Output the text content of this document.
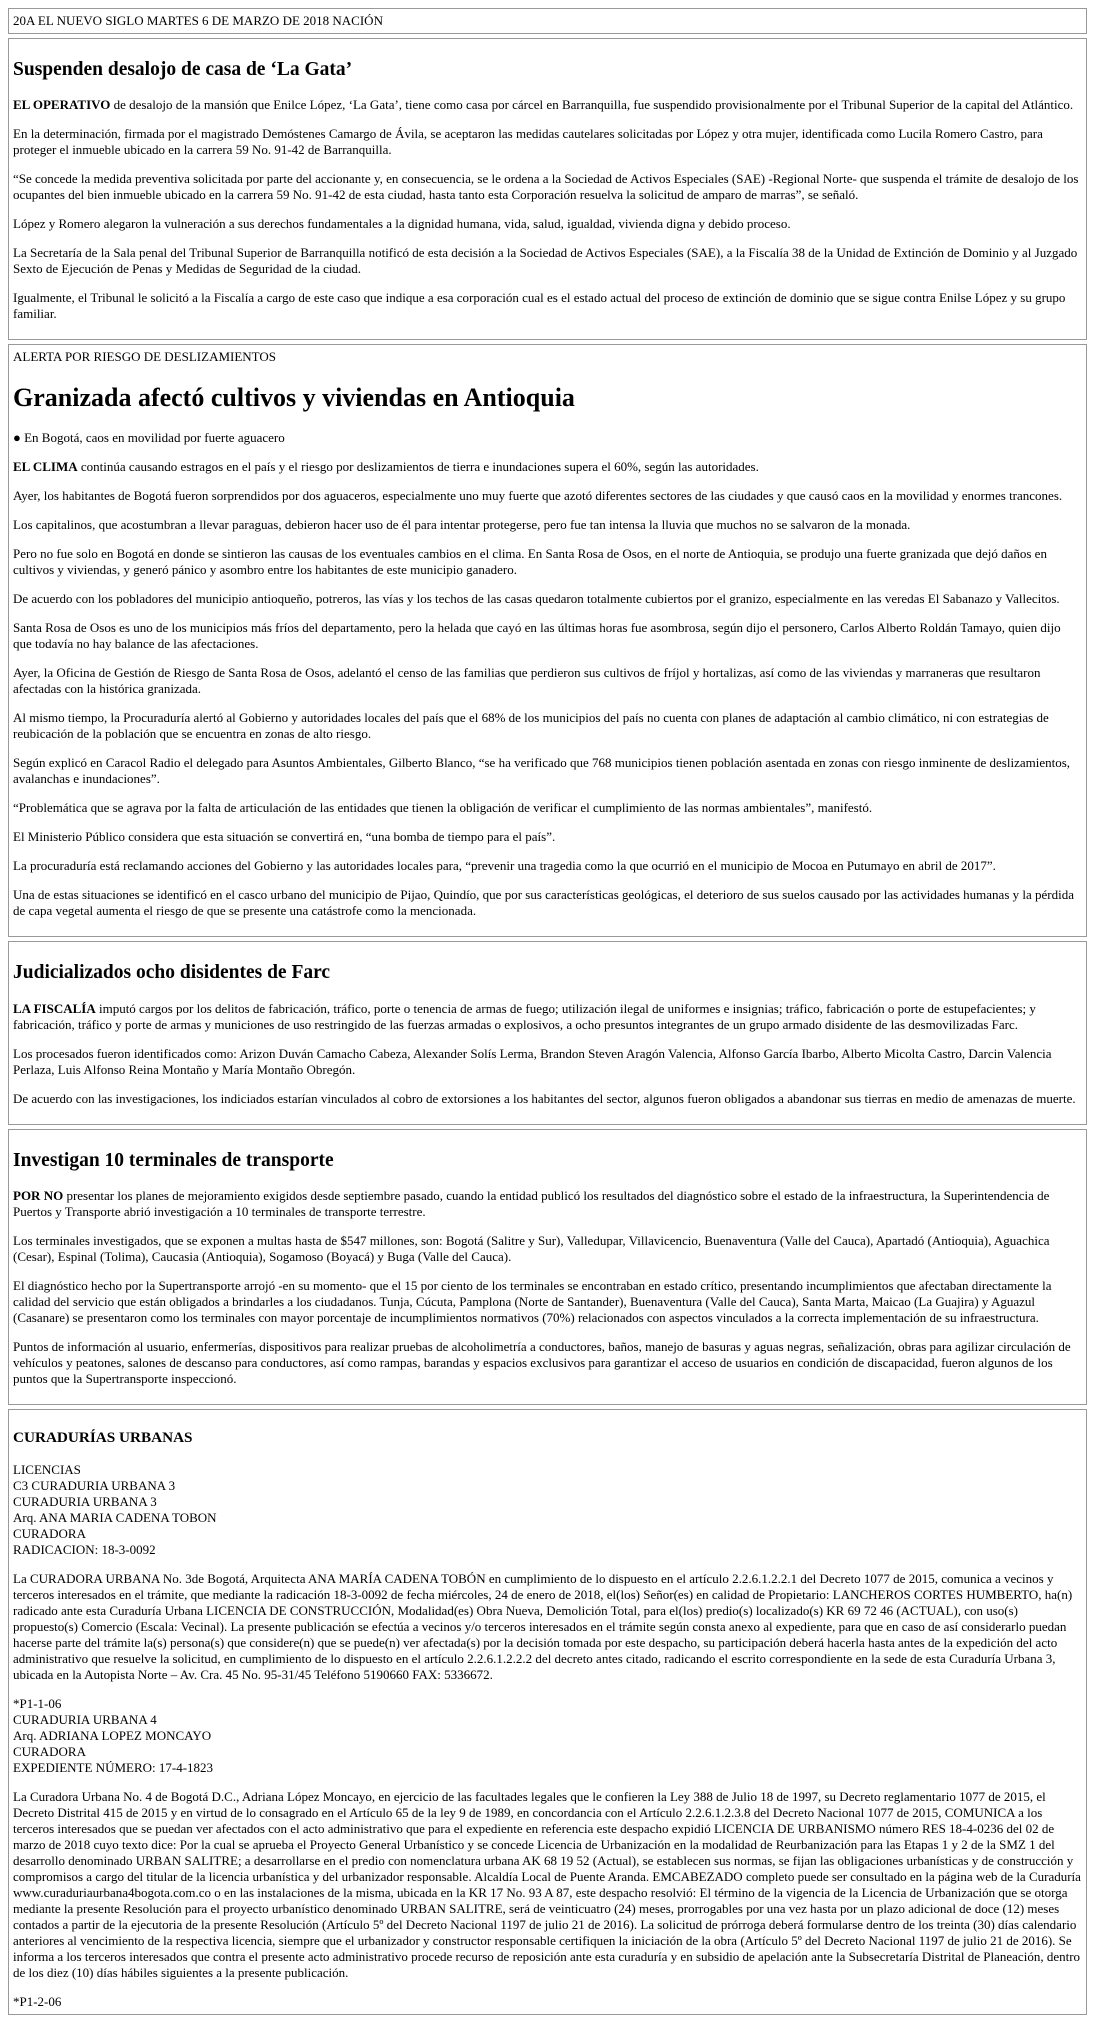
20A EL NUEVO SIGLO MARTES 6 DE MARZO DE 2018 NACIÓN
Suspenden desalojo de casa de ‘La Gata’

EL OPERATIVO de desalojo de la mansión que Enilce López, ‘La Gata’, tiene como casa por cárcel en Barranquilla, fue suspendido provisionalmente por el Tribunal Superior de la capital del Atlántico.

En la determinación, firmada por el magistrado Demóstenes Camargo de Ávila, se aceptaron las medidas cautelares solicitadas por López y otra mujer, identificada como Lucila Romero Castro, para proteger el inmueble ubicado en la carrera 59 No. 91-42 de Barranquilla.

“Se concede la medida preventiva solicitada por parte del accionante y, en consecuencia, se le ordena a la Sociedad de Activos Especiales (SAE) -Regional Norte- que suspenda el trámite de desalojo de los ocupantes del bien inmueble ubicado en la carrera 59 No. 91-42 de esta ciudad, hasta tanto esta Corporación resuelva la solicitud de amparo de marras”, se señaló.

López y Romero alegaron la vulneración a sus derechos fundamentales a la dignidad humana, vida, salud, igualdad, vivienda digna y debido proceso.

La Secretaría de la Sala penal del Tribunal Superior de Barranquilla notificó de esta decisión a la Sociedad de Activos Especiales (SAE), a la Fiscalía 38 de la Unidad de Extinción de Dominio y al Juzgado Sexto de Ejecución de Penas y Medidas de Seguridad de la ciudad.

Igualmente, el Tribunal le solicitó a la Fiscalía a cargo de este caso que indique a esa corporación cual es el estado actual del proceso de extinción de dominio que se sigue contra Enilse López y su grupo familiar.

ALERTA POR RIESGO DE DESLIZAMIENTOS
Granizada afectó cultivos y viviendas en Antioquia
● En Bogotá, caos en movilidad por fuerte aguacero

EL CLIMA continúa causando estragos en el país y el riesgo por deslizamientos de tierra e inundaciones supera el 60%, según las autoridades.

Ayer, los habitantes de Bogotá fueron sorprendidos por dos aguaceros, especialmente uno muy fuerte que azotó diferentes sectores de las ciudades y que causó caos en la movilidad y enormes trancones.

Los capitalinos, que acostumbran a llevar paraguas, debieron hacer uso de él para intentar protegerse, pero fue tan intensa la lluvia que muchos no se salvaron de la monada.

Pero no fue solo en Bogotá en donde se sintieron las causas de los eventuales cambios en el clima. En Santa Rosa de Osos, en el norte de Antioquia, se produjo una fuerte granizada que dejó daños en cultivos y viviendas, y generó pánico y asombro entre los habitantes de este municipio ganadero.

De acuerdo con los pobladores del municipio antioqueño, potreros, las vías y los techos de las casas quedaron totalmente cubiertos por el granizo, especialmente en las veredas El Sabanazo y Vallecitos.

Santa Rosa de Osos es uno de los municipios más fríos del departamento, pero la helada que cayó en las últimas horas fue asombrosa, según dijo el personero, Carlos Alberto Roldán Tamayo, quien dijo que todavía no hay balance de las afectaciones.

Ayer, la Oficina de Gestión de Riesgo de Santa Rosa de Osos, adelantó el censo de las familias que perdieron sus cultivos de fríjol y hortalizas, así como de las viviendas y marraneras que resultaron afectadas con la histórica granizada.

Al mismo tiempo, la Procuraduría alertó al Gobierno y autoridades locales del país que el 68% de los municipios del país no cuenta con planes de adaptación al cambio climático, ni con estrategias de reubicación de la población que se encuentra en zonas de alto riesgo.

Según explicó en Caracol Radio el delegado para Asuntos Ambientales, Gilberto Blanco, “se ha verificado que 768 municipios tienen población asentada en zonas con riesgo inminente de deslizamientos, avalanchas e inundaciones”.

“Problemática que se agrava por la falta de articulación de las entidades que tienen la obligación de verificar el cumplimiento de las normas ambientales”, manifestó.

El Ministerio Público considera que esta situación se convertirá en, “una bomba de tiempo para el país”.

La procuraduría está reclamando acciones del Gobierno y las autoridades locales para, “prevenir una tragedia como la que ocurrió en el municipio de Mocoa en Putumayo en abril de 2017”.

Una de estas situaciones se identificó en el casco urbano del municipio de Pijao, Quindío, que por sus características geológicas, el deterioro de sus suelos causado por las actividades humanas y la pérdida de capa vegetal aumenta el riesgo de que se presente una catástrofe como la mencionada.

Judicializados ocho disidentes de Farc

LA FISCALÍA imputó cargos por los delitos de fabricación, tráfico, porte o tenencia de armas de fuego; utilización ilegal de uniformes e insignias; tráfico, fabricación o porte de estupefacientes; y fabricación, tráfico y porte de armas y municiones de uso restringido de las fuerzas armadas o explosivos, a ocho presuntos integrantes de un grupo armado disidente de las desmovilizadas Farc.

Los procesados fueron identificados como: Arizon Duván Camacho Cabeza, Alexander Solís Lerma, Brandon Steven Aragón Valencia, Alfonso García Ibarbo, Alberto Micolta Castro, Darcin Valencia Perlaza, Luis Alfonso Reina Montaño y María Montaño Obregón.

De acuerdo con las investigaciones, los indiciados estarían vinculados al cobro de extorsiones a los habitantes del sector, algunos fueron obligados a abandonar sus tierras en medio de amenazas de muerte.

Investigan 10 terminales de transporte

POR NO presentar los planes de mejoramiento exigidos desde septiembre pasado, cuando la entidad publicó los resultados del diagnóstico sobre el estado de la infraestructura, la Superintendencia de Puertos y Transporte abrió investigación a 10 terminales de transporte terrestre.

Los terminales investigados, que se exponen a multas hasta de $547 millones, son: Bogotá (Salitre y Sur), Valledupar, Villavicencio, Buenaventura (Valle del Cauca), Apartadó (Antioquia), Aguachica (Cesar), Espinal (Tolima), Caucasia (Antioquia), Sogamoso (Boyacá) y Buga (Valle del Cauca).

El diagnóstico hecho por la Supertransporte arrojó -en su momento- que el 15 por ciento de los terminales se encontraban en estado crítico, presentando incumplimientos que afectaban directamente la calidad del servicio que están obligados a brindarles a los ciudadanos. Tunja, Cúcuta, Pamplona (Norte de Santander), Buenaventura (Valle del Cauca), Santa Marta, Maicao (La Guajira) y Aguazul (Casanare) se presentaron como los terminales con mayor porcentaje de incumplimientos normativos (70%) relacionados con aspectos vinculados a la correcta implementación de su infraestructura.

Puntos de información al usuario, enfermerías, dispositivos para realizar pruebas de alcoholimetría a conductores, baños, manejo de basuras y aguas negras, señalización, obras para agilizar circulación de vehículos y peatones, salones de descanso para conductores, así como rampas, barandas y espacios exclusivos para garantizar el acceso de usuarios en condición de discapacidad, fueron algunos de los puntos que la Supertransporte inspeccionó.

CURADURÍAS URBANAS
LICENCIAS
C3 CURADURIA URBANA 3
CURADURIA URBANA 3
Arq. ANA MARIA CADENA TOBON
CURADORA
RADICACION: 18-3-0092

La CURADORA URBANA No. 3de Bogotá, Arquitecta ANA MARÍA CADENA TOBÓN en cumplimiento de lo dispuesto en el artículo 2.2.6.1.2.2.1 del Decreto 1077 de 2015, comunica a vecinos y terceros interesados en el trámite, que mediante la radicación 18-3-0092 de fecha miércoles, 24 de enero de 2018, el(los) Señor(es) en calidad de Propietario: LANCHEROS CORTES HUMBERTO, ha(n) radicado ante esta Curaduría Urbana LICENCIA DE CONSTRUCCIÓN, Modalidad(es) Obra Nueva, Demolición Total, para el(los) predio(s) localizado(s) KR 69 72 46 (ACTUAL), con uso(s) propuesto(s) Comercio (Escala: Vecinal). La presente publicación se efectúa a vecinos y/o terceros interesados en el trámite según consta anexo al expediente, para que en caso de así considerarlo puedan hacerse parte del trámite la(s) persona(s) que considere(n) que se puede(n) ver afectada(s) por la decisión tomada por este despacho, su participación deberá hacerla hasta antes de la expedición del acto administrativo que resuelve la solicitud, en cumplimiento de lo dispuesto en el artículo 2.2.6.1.2.2.2 del decreto antes citado, radicando el escrito correspondiente en la sede de esta Curaduría Urbana 3, ubicada en la Autopista Norte – Av. Cra. 45 No. 95-31/45 Teléfono 5190660 FAX: 5336672.

*P1-1-06
CURADURIA URBANA 4
Arq. ADRIANA LOPEZ MONCAYO
CURADORA
EXPEDIENTE NÚMERO: 17-4-1823

La Curadora Urbana No. 4 de Bogotá D.C., Adriana López Moncayo, en ejercicio de las facultades legales que le confieren la Ley 388 de Julio 18 de 1997, su Decreto reglamentario 1077 de 2015, el Decreto Distrital 415 de 2015 y en virtud de lo consagrado en el Artículo 65 de la ley 9 de 1989, en concordancia con el Artículo 2.2.6.1.2.3.8 del Decreto Nacional 1077 de 2015, COMUNICA a los terceros interesados que se puedan ver afectados con el acto administrativo que para el expediente en referencia este despacho expidió LICENCIA DE URBANISMO número RES 18-4-0236 del 02 de marzo de 2018 cuyo texto dice: Por la cual se aprueba el Proyecto General Urbanístico y se concede Licencia de Urbanización en la modalidad de Reurbanización para las Etapas 1 y 2 de la SMZ 1 del desarrollo denominado URBAN SALITRE; a desarrollarse en el predio con nomenclatura urbana AK 68 19 52 (Actual), se establecen sus normas, se fijan las obligaciones urbanísticas y de construcción y compromisos a cargo del titular de la licencia urbanística y del urbanizador responsable. Alcaldía Local de Puente Aranda. EMCABEZADO completo puede ser consultado en la página web de la Curaduría www.curaduriaurbana4bogota.com.co o en las instalaciones de la misma, ubicada en la KR 17 No. 93 A 87, este despacho resolvió: El término de la vigencia de la Licencia de Urbanización que se otorga mediante la presente Resolución para el proyecto urbanístico denominado URBAN SALITRE, será de veinticuatro (24) meses, prorrogables por una vez hasta por un plazo adicional de doce (12) meses contados a partir de la ejecutoria de la presente Resolución (Artículo 5º del Decreto Nacional 1197 de julio 21 de 2016). La solicitud de prórroga deberá formularse dentro de los treinta (30) días calendario anteriores al vencimiento de la respectiva licencia, siempre que el urbanizador y constructor responsable certifiquen la iniciación de la obra (Artículo 5º del Decreto Nacional 1197 de julio 21 de 2016). Se informa a los terceros interesados que contra el presente acto administrativo procede recurso de reposición ante esta curaduría y en subsidio de apelación ante la Subsecretaría Distrital de Planeación, dentro de los diez (10) días hábiles siguientes a la presente publicación.

*P1-2-06
